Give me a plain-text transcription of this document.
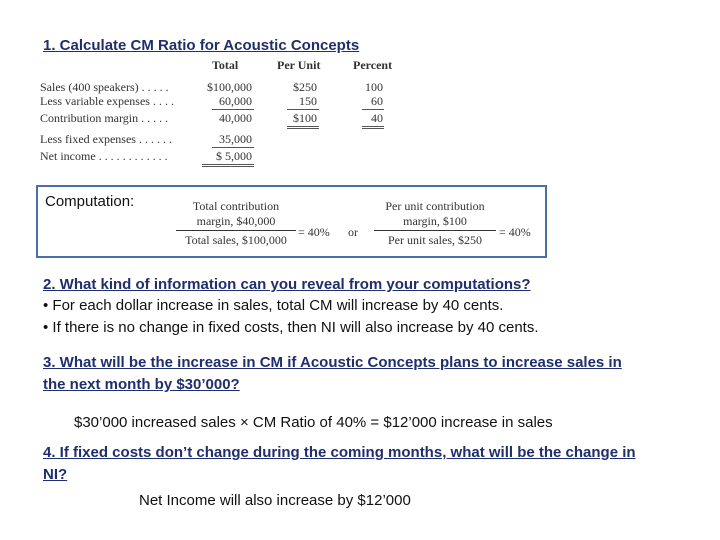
1. Calculate CM Ratio for Acoustic Concepts
Total	Per Unit	Percent
Sales (400 speakers) . . . . .	$100,000	$250	100
Less variable expenses . . . .	60,000	150	60
Contribution margin . . . . .	40,000	$100	40
Less fixed expenses . . . . . .	35,000
Net income . . . . . . . . . . . .	$ 5,000
Computation:	Total contribution
margin, $40,000
Total sales, $100,000
= 40% or
Per unit contribution
margin, $100
Per unit sales, $250
= 40%
2. What kind of information can you reveal from your computations?
• For each dollar increase in sales, total CM will increase by 40 cents.
• If there is no change in fixed costs, then NI will also increase by 40 cents.
3. What will be the increase in CM if Acoustic Concepts plans to increase sales in
the next month by $30’000?
$30’000 increased sales × CM Ratio of 40% = $12’000 increase in sales
4. If fixed costs don’t change during the coming months, what will be the change in
NI?
Net Income will also increase by $12’000
